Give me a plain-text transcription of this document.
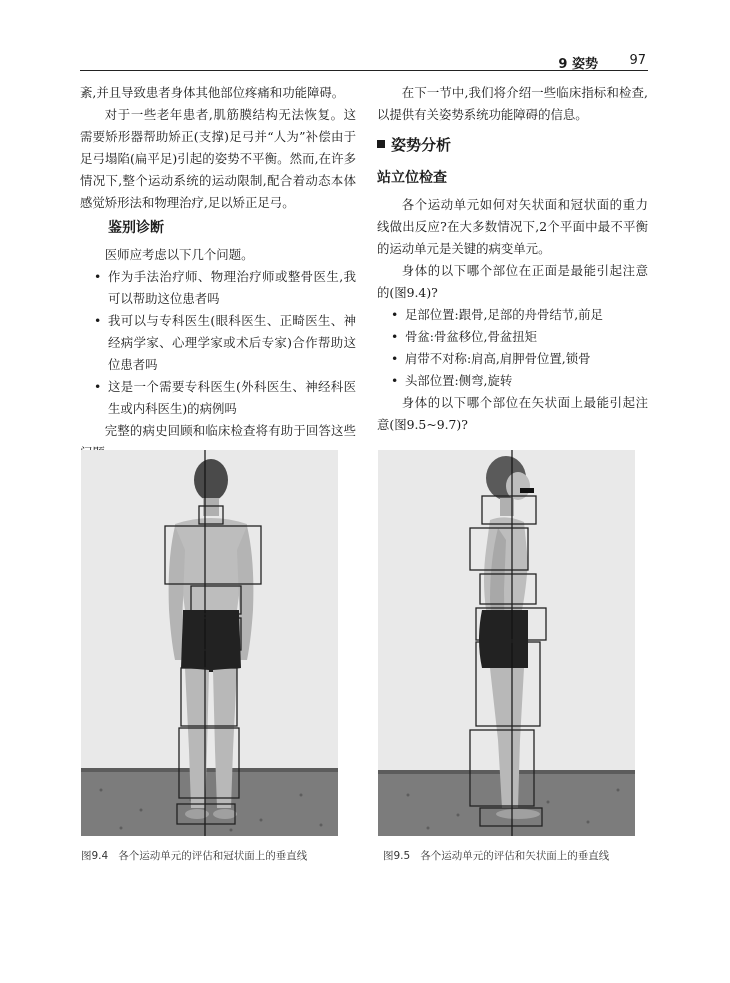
9 姿势 97

紊,并且导致患者身体其他部位疼痛和功能障碍。

对于一些老年患者,肌筋膜结构无法恢复。这需要矫形器帮助矫正(支撑)足弓并“人为”补偿由于足弓塌陷(扁平足)引起的姿势不平衡。然而,在许多情况下,整个运动系统的运动限制,配合着动态本体感觉矫形法和物理治疗,足以矫正足弓。

鉴别诊断

医师应考虑以下几个问题。

• 作为手法治疗师、物理治疗师或整骨医生,我可以帮助这位患者吗
• 我可以与专科医生(眼科医生、正畸医生、神经病学家、心理学家或术后专家)合作帮助这位患者吗
• 这是一个需要专科医生(外科医生、神经科医生或内科医生)的病例吗

完整的病史回顾和临床检查将有助于回答这些

在下一节中,我们将介绍一些临床指标和检查,以提供有关姿势系统功能障碍的信息。

姿势分析
站立位检查

各个运动单元如何对矢状面和冠状面的重力线做出反应?在大多数情况下,2个平面中最不平衡的运动单元是关键的病变单元。

身体的以下哪个部位在正面是最能引起注意的(图9.4)?

• 足部位置:跟骨,足部的舟骨结节,前足
• 骨盆:骨盆移位,骨盆扭矩
• 肩带不对称:肩高,肩胛骨位置,锁骨
• 头部位置:侧弯,旋转

身体的以下哪个部位在矢状面上最能引起注意(图9.5~9.7)?

图9.4 各个运动单元的评估和冠状面上的垂直线	图9.5 各个运动单元的评估和矢状面上的垂直线
